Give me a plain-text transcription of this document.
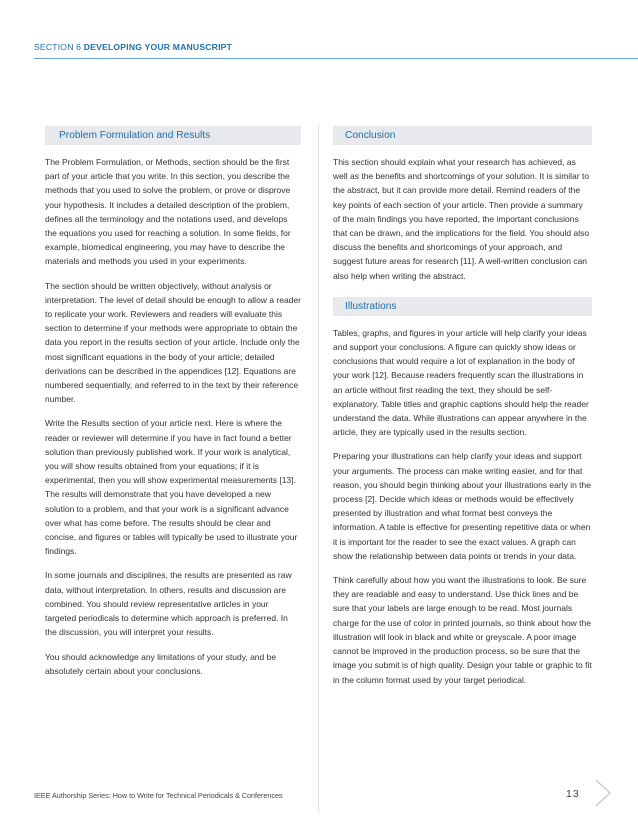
SECTION 6 DEVELOPING YOUR MANUSCRIPT
Problem Formulation and Results

The Problem Formulation, or Methods, section should be the first part of your article that you write. In this section, you describe the methods that you used to solve the problem, or prove or disprove your hypothesis. It includes a detailed description of the problem, defines all the terminology and the notations used, and develops the equations you used for reaching a solution. In some fields, for example, biomedical engineering, you may have to describe the materials and methods you used in your experiments.

The section should be written objectively, without analysis or interpretation. The level of detail should be enough to allow a reader to replicate your work. Reviewers and readers will evaluate this section to determine if your methods were appropriate to obtain the data you report in the results section of your article. Include only the most significant equations in the body of your article; detailed derivations can be described in the appendices [12]. Equations are numbered sequentially, and referred to in the text by their reference number.

Write the Results section of your article next. Here is where the reader or reviewer will determine if you have in fact found a better solution than previously published work. If your work is analytical, you will show results obtained from your equations; if it is experimental, then you will show experimental measurements [13]. The results will demonstrate that you have developed a new solution to a problem, and that your work is a significant advance over what has come before. The results should be clear and concise, and figures or tables will typically be used to illustrate your findings.

In some journals and disciplines, the results are presented as raw data, without interpretation. In others, results and discussion are combined. You should review representative articles in your targeted periodicals to determine which approach is preferred. In the discussion, you will interpret your results.

You should acknowledge any limitations of your study, and be absolutely certain about your conclusions.

Conclusion

This section should explain what your research has achieved, as well as the benefits and shortcomings of your solution. It is similar to the abstract, but it can provide more detail. Remind readers of the key points of each section of your article. Then provide a summary of the main findings you have reported, the important conclusions that can be drawn, and the implications for the field. You should also discuss the benefits and shortcomings of your approach, and suggest future areas for research [11]. A well-written conclusion can also help when writing the abstract.

Illustrations

Tables, graphs, and figures in your article will help clarify your ideas and support your conclusions. A figure can quickly show ideas or conclusions that would require a lot of explanation in the body of your work [12]. Because readers frequently scan the illustrations in an article without first reading the text, they should be self-explanatory. Table titles and graphic captions should help the reader understand the data. While illustrations can appear anywhere in the article, they are typically used in the results section.

Preparing your illustrations can help clarify your ideas and support your arguments. The process can make writing easier, and for that reason, you should begin thinking about your illustrations early in the process [2]. Decide which ideas or methods would be effectively presented by illustration and what format best conveys the information. A table is effective for presenting repetitive data or when it is important for the reader to see the exact values. A graph can show the relationship between data points or trends in your data.

Think carefully about how you want the illustrations to look. Be sure they are readable and easy to understand. Use thick lines and be sure that your labels are large enough to be read. Most journals charge for the use of color in printed journals, so think about how the illustration will look in black and white or greyscale. A poor image cannot be improved in the production process, so be sure that the image you submit is of high quality. Design your table or graphic to fit in the column format used by your target periodical.

IEEE Authorship Series: How to Write for Technical Periodicals & Conferences	13
